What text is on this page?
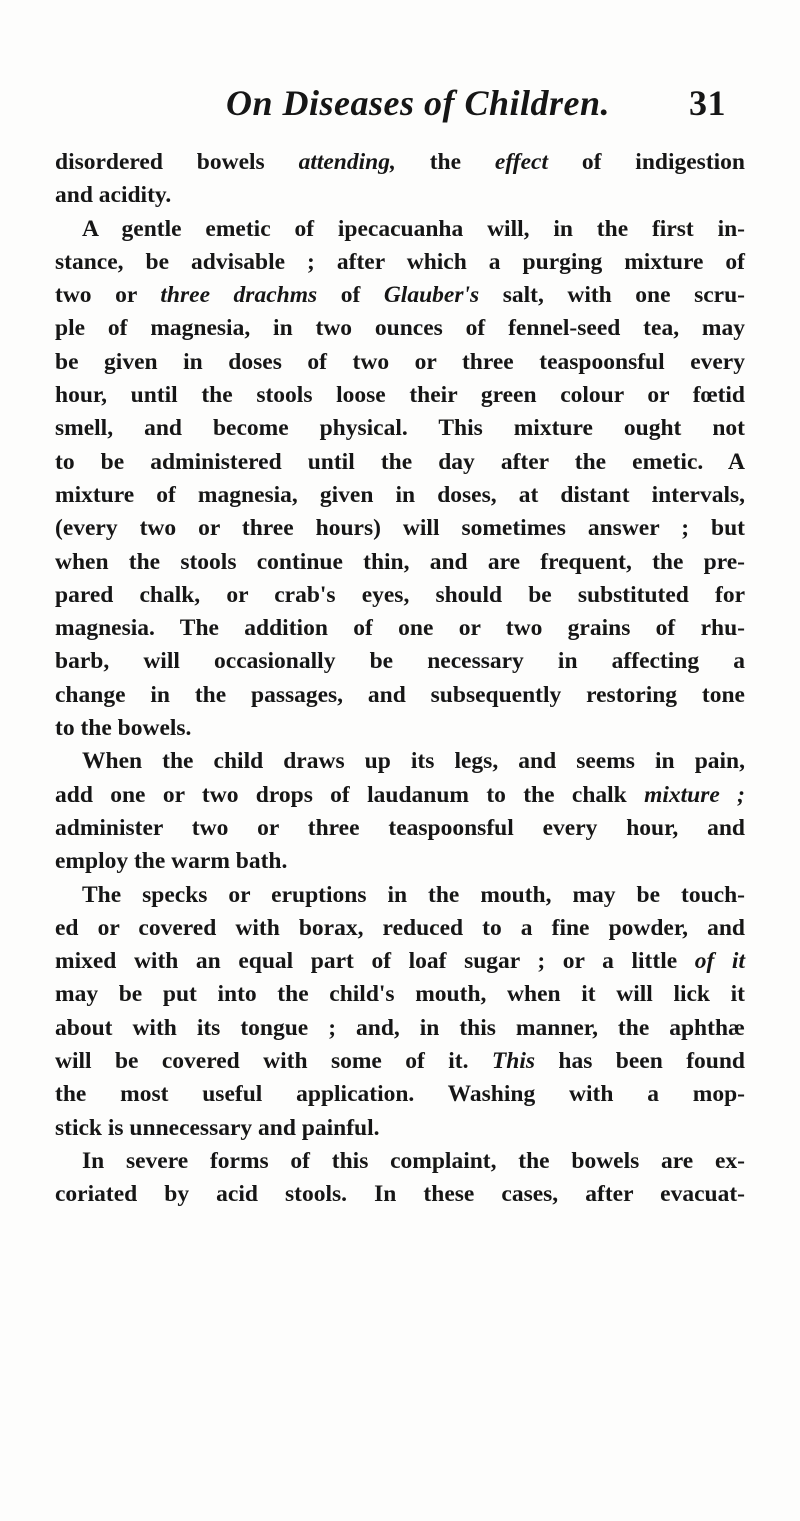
On Diseases of Children. 31
disordered bowels attending, the effect of indigestion
and acidity.
A gentle emetic of ipecacuanha will, in the first in-
stance, be advisable ; after which a purging mixture of
two or three drachms of Glauber's salt, with one scru-
ple of magnesia, in two ounces of fennel-seed tea, may
be given in doses of two or three teaspoonsful every
hour, until the stools loose their green colour or fœtid
smell, and become physical. This mixture ought not
to be administered until the day after the emetic. A
mixture of magnesia, given in doses, at distant intervals,
(every two or three hours) will sometimes answer ; but
when the stools continue thin, and are frequent, the pre-
pared chalk, or crab's eyes, should be substituted for
magnesia. The addition of one or two grains of rhu-
barb, will occasionally be necessary in affecting a
change in the passages, and subsequently restoring tone
to the bowels.
When the child draws up its legs, and seems in pain,
add one or two drops of laudanum to the chalk mixture ;
administer two or three teaspoonsful every hour, and
employ the warm bath.
The specks or eruptions in the mouth, may be touch-
ed or covered with borax, reduced to a fine powder, and
mixed with an equal part of loaf sugar ; or a little of it
may be put into the child's mouth, when it will lick it
about with its tongue ; and, in this manner, the aphthæ
will be covered with some of it. This has been found
the most useful application. Washing with a mop-
stick is unnecessary and painful.
In severe forms of this complaint, the bowels are ex-
coriated by acid stools. In these cases, after evacuat-
